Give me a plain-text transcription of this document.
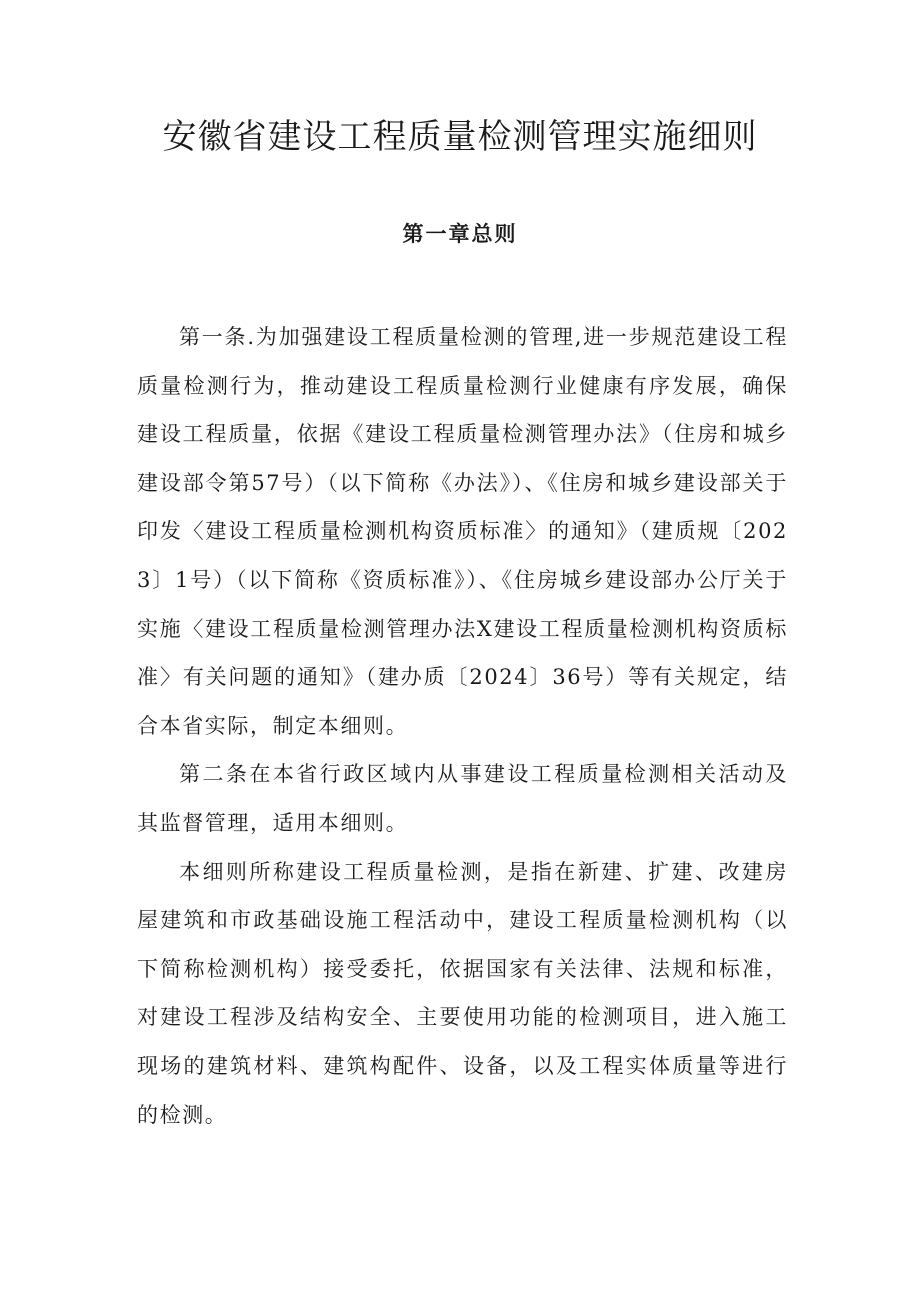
安徽省建设工程质量检测管理实施细则
第一章总则

第一条.为加强建设工程质量检测的管理,进一步规范建设工程质量检测行为，推动建设工程质量检测行业健康有序发展，确保建设工程质量，依据《建设工程质量检测管理办法》（住房和城乡建设部令第57号）（以下简称《办法》）、《住房和城乡建设部关于印发〈建设工程质量检测机构资质标准〉的通知》（建质规〔2023〕1号）（以下简称《资质标准》）、《住房城乡建设部办公厅关于实施〈建设工程质量检测管理办法X建设工程质量检测机构资质标准〉有关问题的通知》（建办质〔2024〕36号）等有关规定，结合本省实际，制定本细则。

第二条在本省行政区域内从事建设工程质量检测相关活动及其监督管理，适用本细则。

本细则所称建设工程质量检测，是指在新建、扩建、改建房屋建筑和市政基础设施工程活动中，建设工程质量检测机构（以下简称检测机构）接受委托，依据国家有关法律、法规和标准，对建设工程涉及结构安全、主要使用功能的检测项目，进入施工现场的建筑材料、建筑构配件、设备，以及工程实体质量等进行的检测。
